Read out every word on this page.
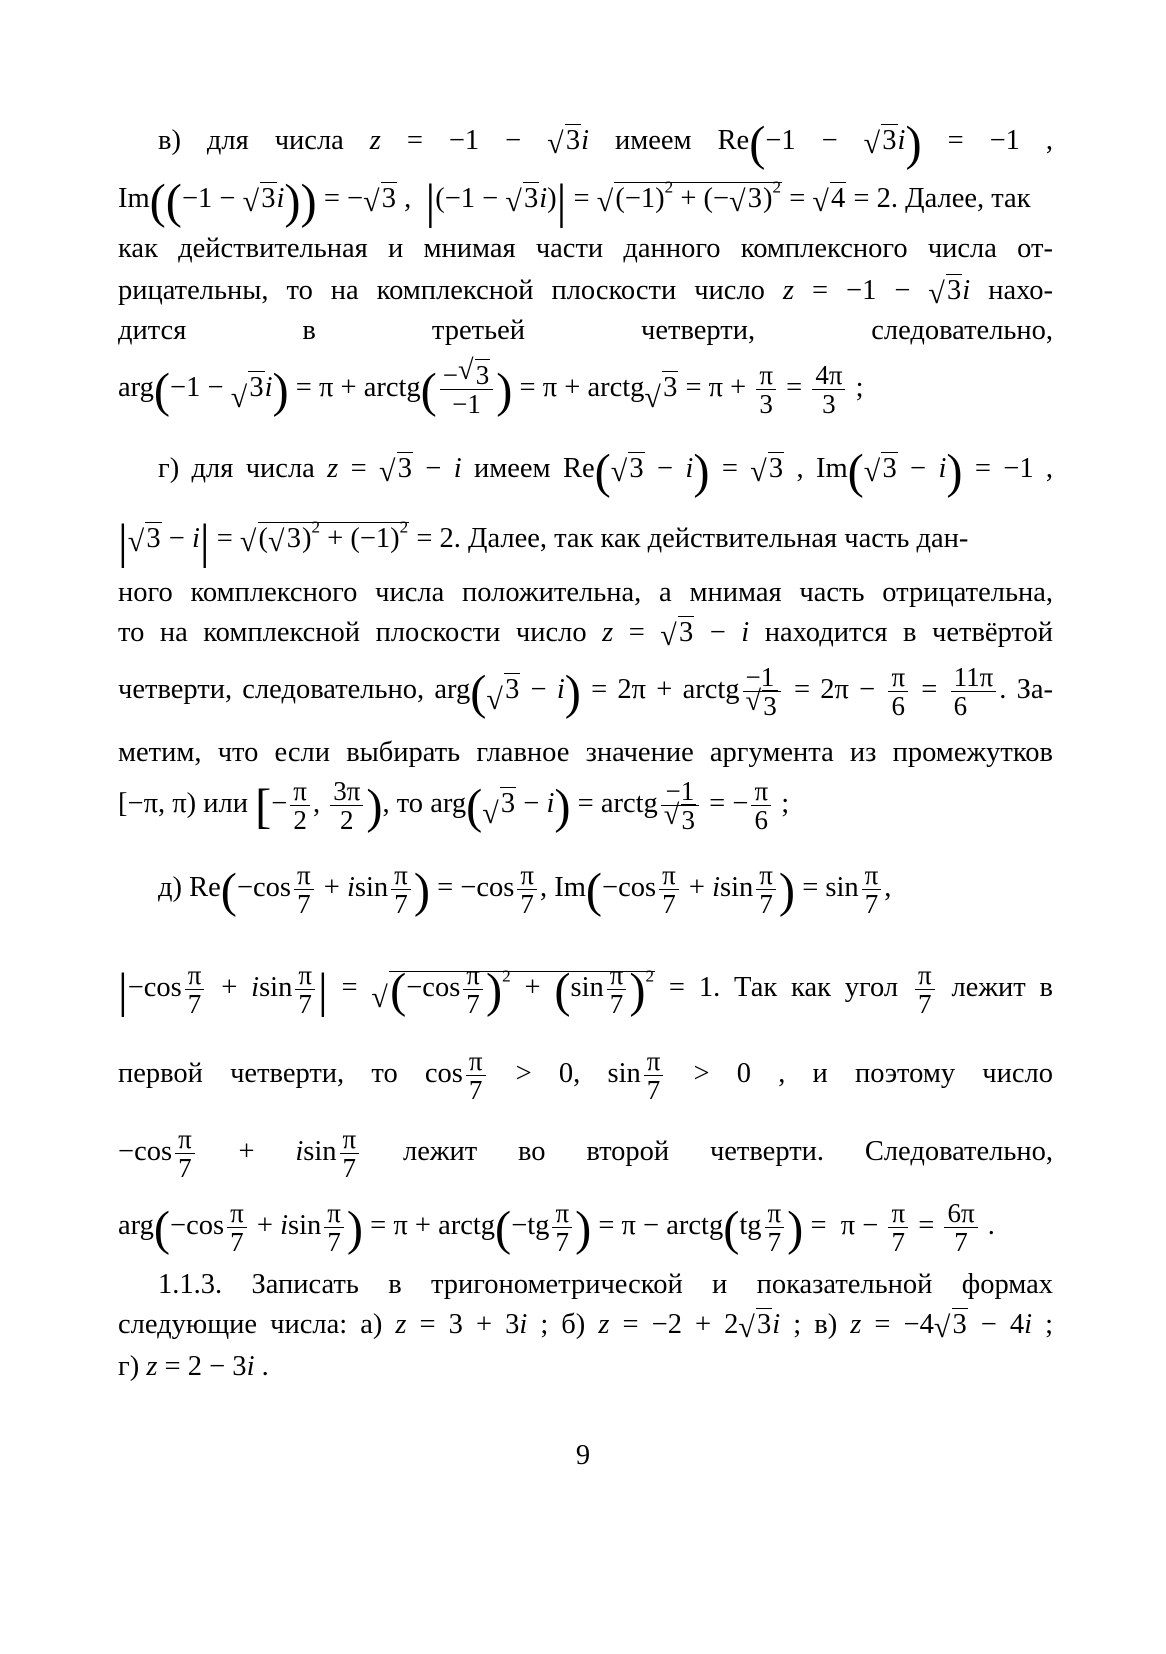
в) для числа z = −1 − √ 3i имеем Re(−1 − √ 3i) = −1 ,
Im((−1 − √ 3i)) = − √ 3 , |(−1 − √ 3i)| = √ $(-1)^2$ + (− √ 3)$^2$ = √ 4 = 2. Далее, так
как действительная и мнимая части данного комплексного числа от-
рицательны, то на комплексной плоскости число z = −1 − √ 3i нахо-
дится	в	третьей	четверти,	следовательно,
arg(−1 − √ 3i) = π + arctg( $\frac{- √ 3}{-1}$ ) = π + arctg √ $3 = \pi + \frac{\pi}{3} = \frac{4\pi}{3}$ ;
г) для числа z = √ 3 − i имеем Re( √ 3 − i) = √ 3 , Im( √ 3 − i) = −1 ,
| √ 3 − i| = √ ( √ $3)^2 + (-1)^2 = 2$. Далее, так как действительная часть дан-
ного комплексного числа положительна, а мнимая часть отрицательна,
то на комплексной плоскости число z = √ 3 − i находится в четвёртой
четверти, следовательно, arg( √ 3 − i) = 2π + arctg $\frac{-1}{√ 3} = 2\pi - \frac{\pi}{6} = \frac{11\pi}{6}$ . За-
метим, что если выбирать главное значение аргумента из промежутков
[−π, π) или [− $\frac{\pi}{2}$ , $\frac{3\pi}{2}$ ), то arg( √ 3 − i) = arctg $\frac{-1}{√ 3}$ = − $\frac{\pi}{6}$ ;
д) $Re(-\cos \frac{\pi}{7} + isin \frac{\pi}{7}$ ) = $-\cos \frac{\pi}{7}$ , $Im(-\cos \frac{\pi}{7} + isin \frac{\pi}{7}$ ) = $\sin \frac{\pi}{7}$ ,
$|-\cos \frac{\pi}{7} + isin \frac{\pi}{7}$ | = √ $(-\cos \frac{\pi}{7} )^2 + (\sin \frac{\pi}{7} )^2 = 1$. Так как угол $\frac{\pi}{7}$ лежит в
первой четверти, то $\cos \frac{\pi}{7} > 0$, $\sin \frac{\pi}{7} > 0$ , и поэтому число
$-\cos \frac{\pi}{7} + isin \frac{\pi}{7}$ лежит во второй четверти. Следовательно,
$arg(-\cos \frac{\pi}{7} + isin \frac{\pi}{7}$ ) = π + arctg(−tg $\frac{\pi}{7}$ ) = π − arctg(tg $\frac{\pi}{7}$ ) =  $\pi - \frac{\pi}{7} = \frac{6\pi}{7}$ .
1.1.3. Записать в тригонометрической и показательной формах
следующие числа: а) z = 3 + 3i ; б) z = −2 + 2 √ 3i ; в) z = −4 √ 3 − 4i ;
г) z = 2 − 3i .
9
